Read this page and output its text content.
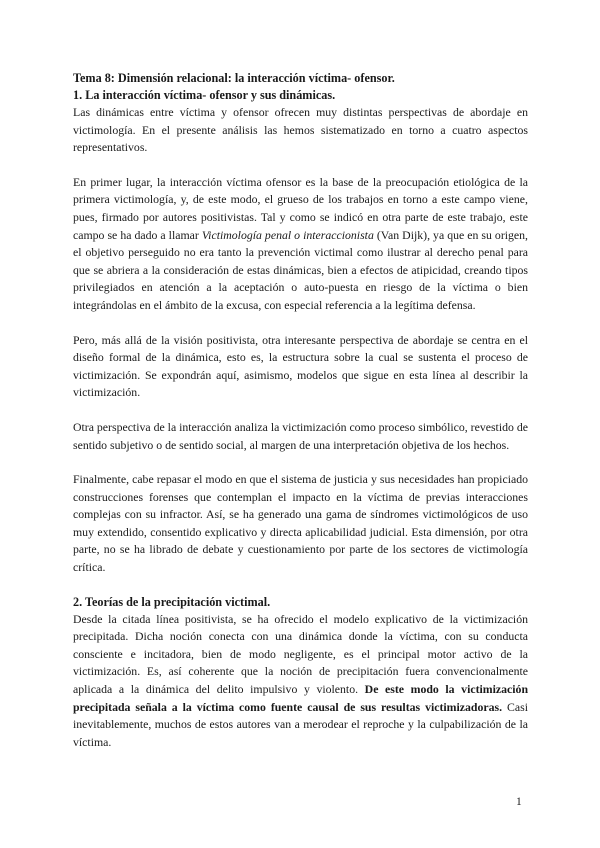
Tema 8: Dimensión relacional: la interacción víctima- ofensor.
1. La interacción víctima- ofensor y sus dinámicas.

Las dinámicas entre víctima y ofensor ofrecen muy distintas perspectivas de abordaje en victimología. En el presente análisis las hemos sistematizado en torno a cuatro aspectos representativos.

En primer lugar, la interacción víctima ofensor es la base de la preocupación etiológica de la primera victimología, y, de este modo, el grueso de los trabajos en torno a este campo viene, pues, firmado por autores positivistas. Tal y como se indicó en otra parte de este trabajo, este campo se ha dado a llamar Victimología penal o interaccionista (Van Dijk), ya que en su origen, el objetivo perseguido no era tanto la prevención victimal como ilustrar al derecho penal para que se abriera a la consideración de estas dinámicas, bien a efectos de atipicidad, creando tipos privilegiados en atención a la aceptación o auto-puesta en riesgo de la víctima o bien integrándolas en el ámbito de la excusa, con especial referencia a la legítima defensa.

Pero, más allá de la visión positivista, otra interesante perspectiva de abordaje se centra en el diseño formal de la dinámica, esto es, la estructura sobre la cual se sustenta el proceso de victimización. Se expondrán aquí, asimismo, modelos que sigue en esta línea al describir la victimización.

Otra perspectiva de la interacción analiza la victimización como proceso simbólico, revestido de sentido subjetivo o de sentido social, al margen de una interpretación objetiva de los hechos.

Finalmente, cabe repasar el modo en que el sistema de justicia y sus necesidades han propiciado construcciones forenses que contemplan el impacto en la víctima de previas interacciones complejas con su infractor. Así, se ha generado una gama de síndromes victimológicos de uso muy extendido, consentido explicativo y directa aplicabilidad judicial. Esta dimensión, por otra parte, no se ha librado de debate y cuestionamiento por parte de los sectores de victimología crítica.

2. Teorías de la precipitación victimal.

Desde la citada línea positivista, se ha ofrecido el modelo explicativo de la victimización precipitada. Dicha noción conecta con una dinámica donde la víctima, con su conducta consciente e incitadora, bien de modo negligente, es el principal motor activo de la victimización. Es, así coherente que la noción de precipitación fuera convencionalmente aplicada a la dinámica del delito impulsivo y violento. De este modo la victimización precipitada señala a la víctima como fuente causal de sus resultas victimizadoras. Casi inevitablemente, muchos de estos autores van a merodear el reproche y la culpabilización de la víctima.

1
